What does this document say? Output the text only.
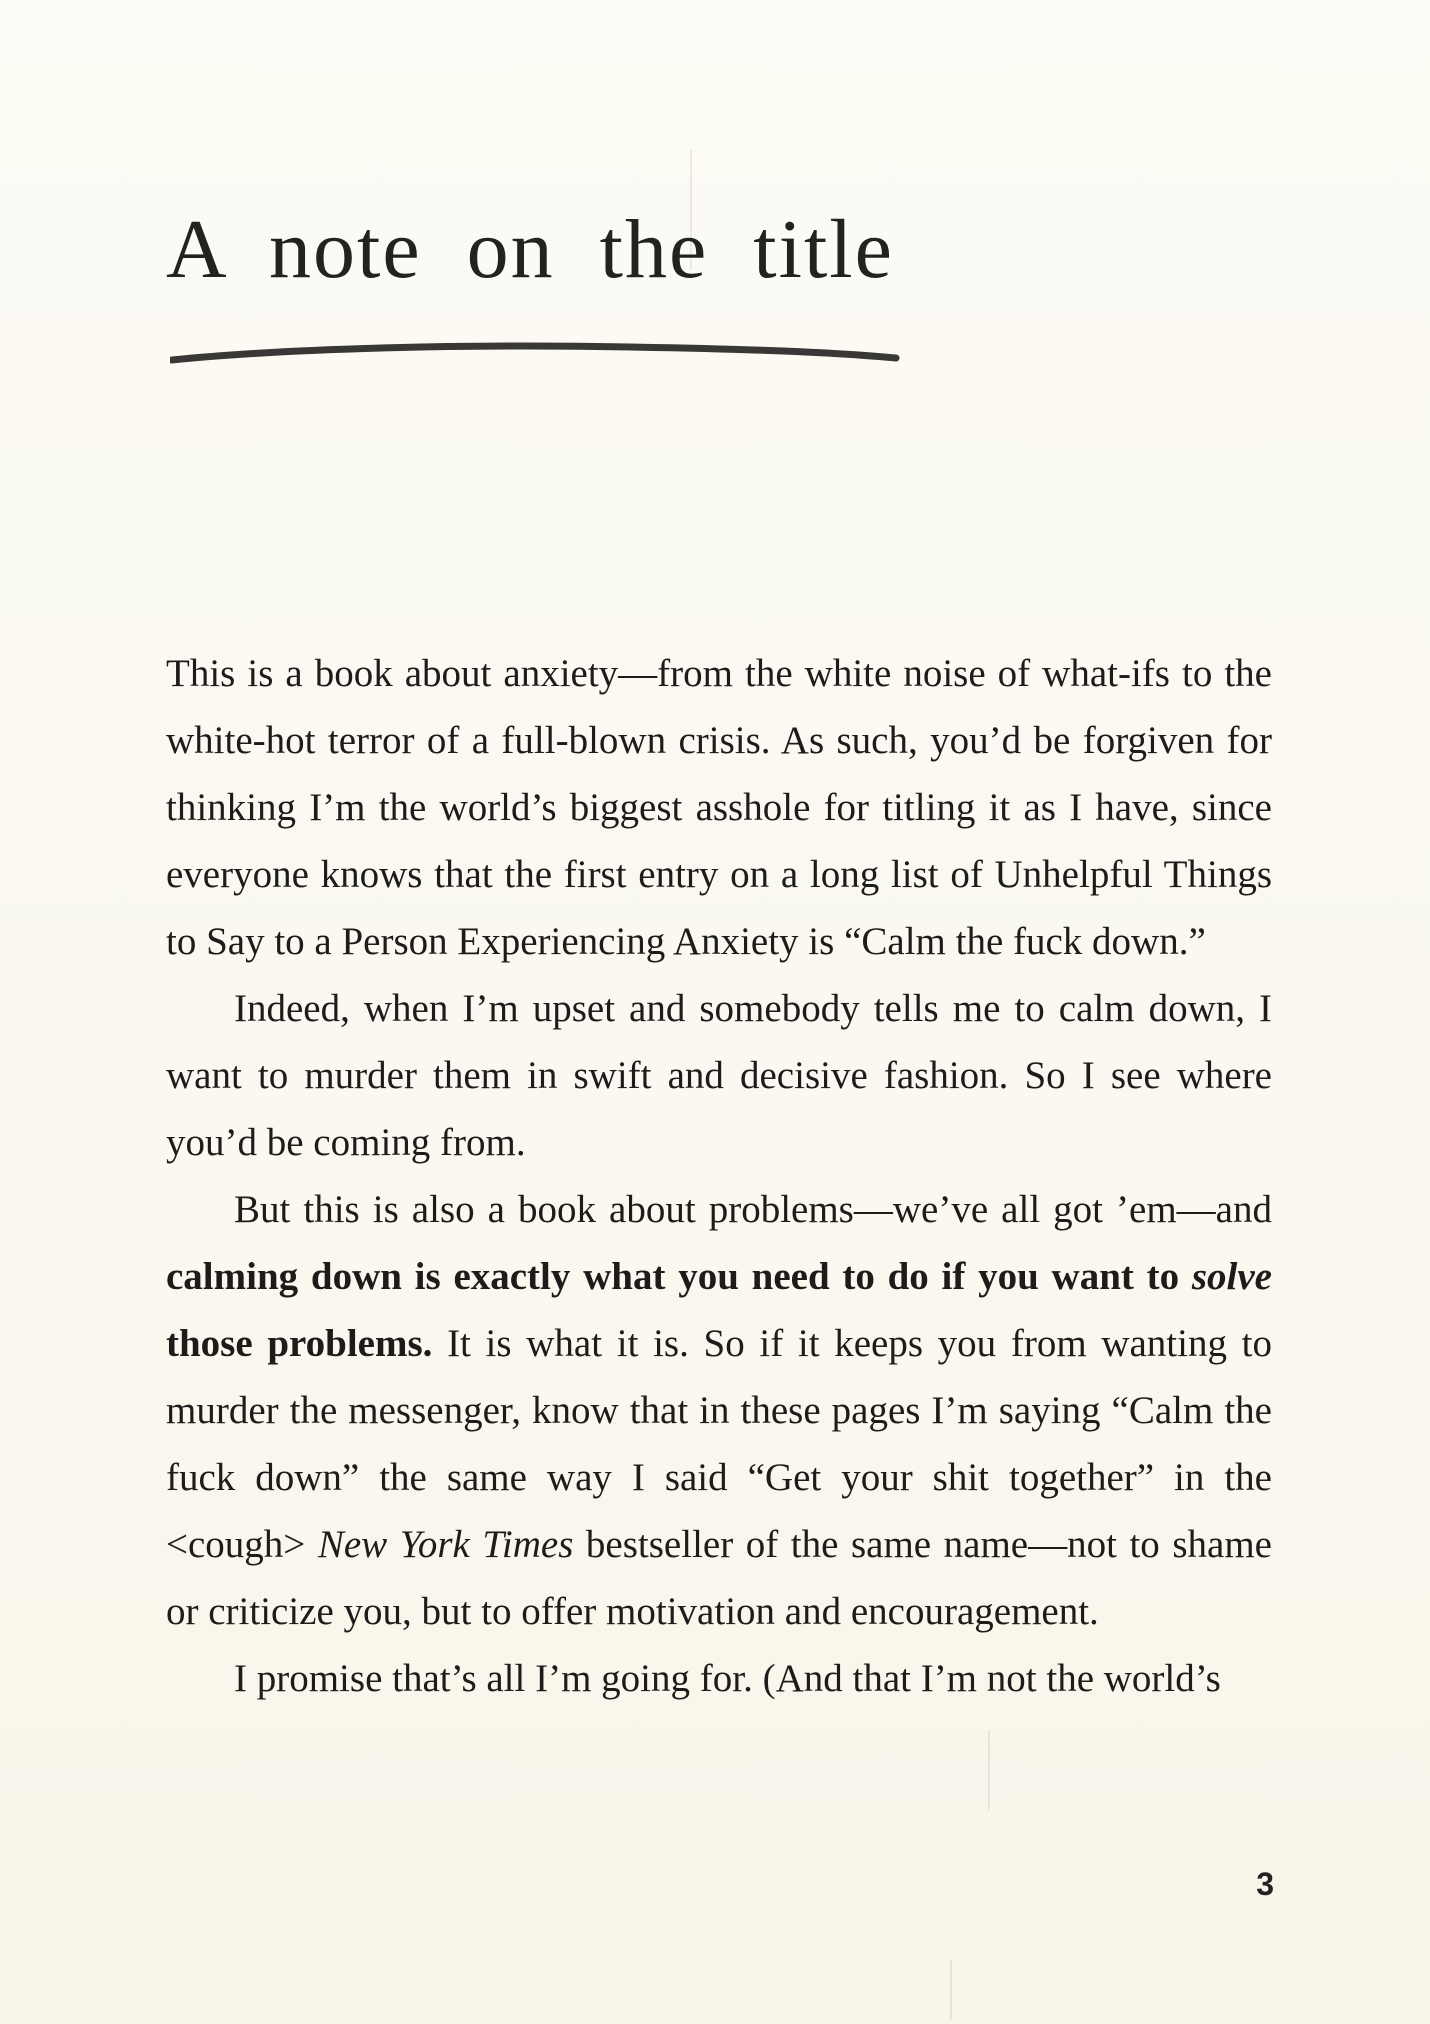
A note on the title

This is a book about anxiety—from the white noise of what-ifs to the white-hot terror of a full-blown crisis. As such, you’d be forgiven for thinking I’m the world’s biggest asshole for titling it as I have, since everyone knows that the first entry on a long list of Unhelpful Things to Say to a Person Experiencing Anxiety is “Calm the fuck down.”

Indeed, when I’m upset and somebody tells me to calm down, I want to murder them in swift and decisive fashion. So I see where you’d be coming from.

But this is also a book about problems—we’ve all got ’em—and calming down is exactly what you need to do if you want to solve those problems. It is what it is. So if it keeps you from wanting to murder the messenger, know that in these pages I’m saying “Calm the fuck down” the same way I said “Get your shit together” in the <cough> New York Times bestseller of the same name—not to shame or criticize you, but to offer motivation and encouragement.

I promise that’s all I’m going for. (And that I’m not the world’s

3
